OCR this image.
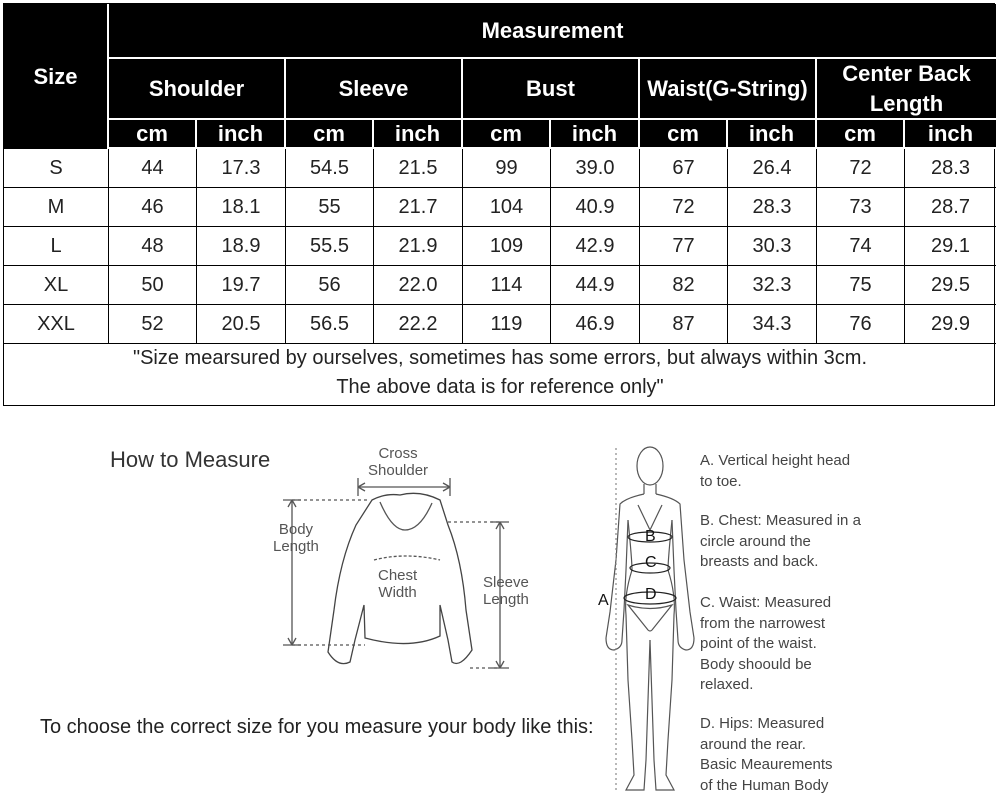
Size
Measurement
Shoulder	Sleeve	Bust	Waist(G-String)
Center Back
Length
cm	inch	cm	inch	cm	inch	cm	inch	cm	inch
S	44	17.3	54.5	21.5	99	39.0	67	26.4	72	28.3
M	46	18.1	55	21.7	104	40.9	72	28.3	73	28.7
L	48	18.9	55.5	21.9	109	42.9	77	30.3	74	29.1
XL	50	19.7	56	22.0	114	44.9	82	32.3	75	29.5
XXL	52	20.5	56.5	22.2	119	46.9	87	34.3	76	29.9
"Size mearsured by ourselves, sometimes has some errors, but always within 3cm.
The above data is for reference only"
How to Measure	Cross
Shoulder
Body
Length
Chest
Width
Sleeve
Length
To choose the correct size for you measure your body like this:
B
C
D
A
A. Vertical height head
to toe.
B. Chest: Measured in a
circle around the
breasts and back.
C. Waist: Measured
from the narrowest
point of the waist.
Body shoould be
relaxed.
D. Hips: Measured
around the rear.
Basic Meaurements
of the Human Body
